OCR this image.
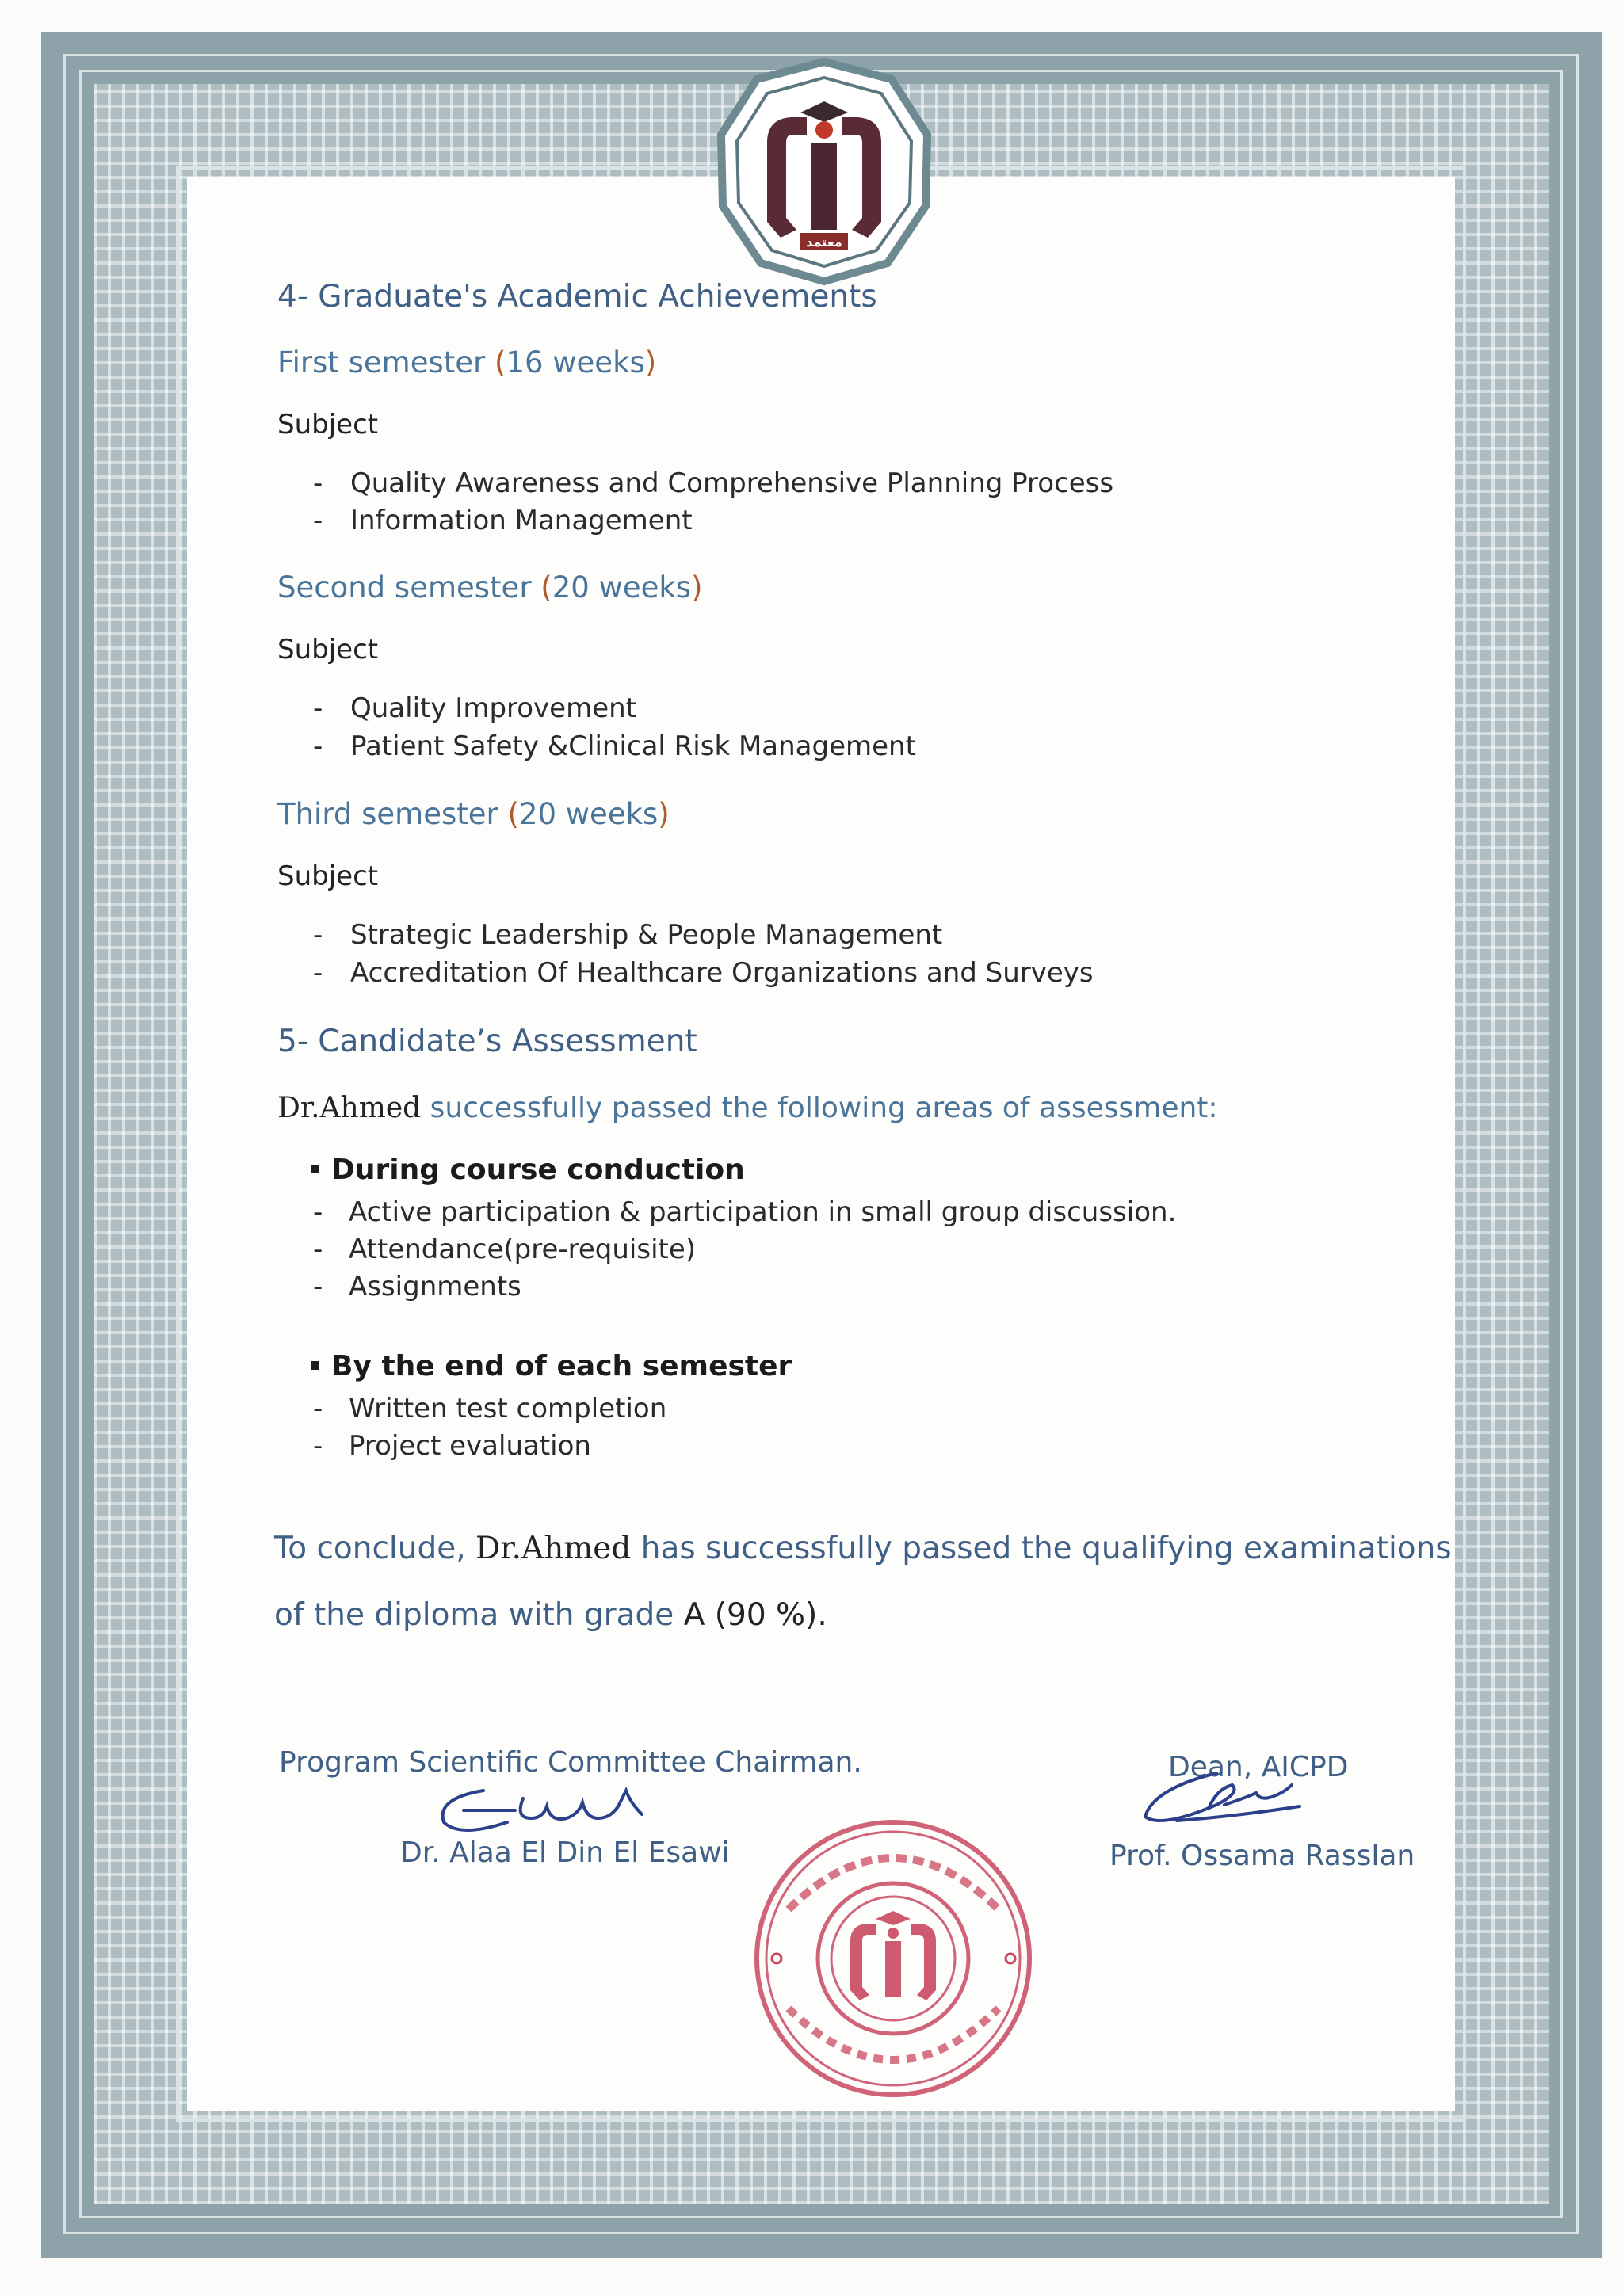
معتمد
4- Graduate's Academic Achievements
First semester (16 weeks)
Subject
- Quality Awareness and Comprehensive Planning Process
- Information Management
Second semester (20 weeks)
Subject
- Quality Improvement
- Patient Safety &Clinical Risk Management
Third semester (20 weeks)
Subject
- Strategic Leadership & People Management
- Accreditation Of Healthcare Organizations and Surveys
5- Candidate’s Assessment
Dr.Ahmed successfully passed the following areas of assessment:
During course conduction
- Active participation & participation in small group discussion.
- Attendance(pre-requisite)
- Assignments
By the end of each semester
- Written test completion
- Project evaluation
To conclude, Dr.Ahmed has successfully passed the qualifying examinations
of the diploma with grade A (90 %).
Program Scientific Committee Chairman.
Dr. Alaa El Din El Esawi
Dean, AICPD
Prof. Ossama Rasslan
